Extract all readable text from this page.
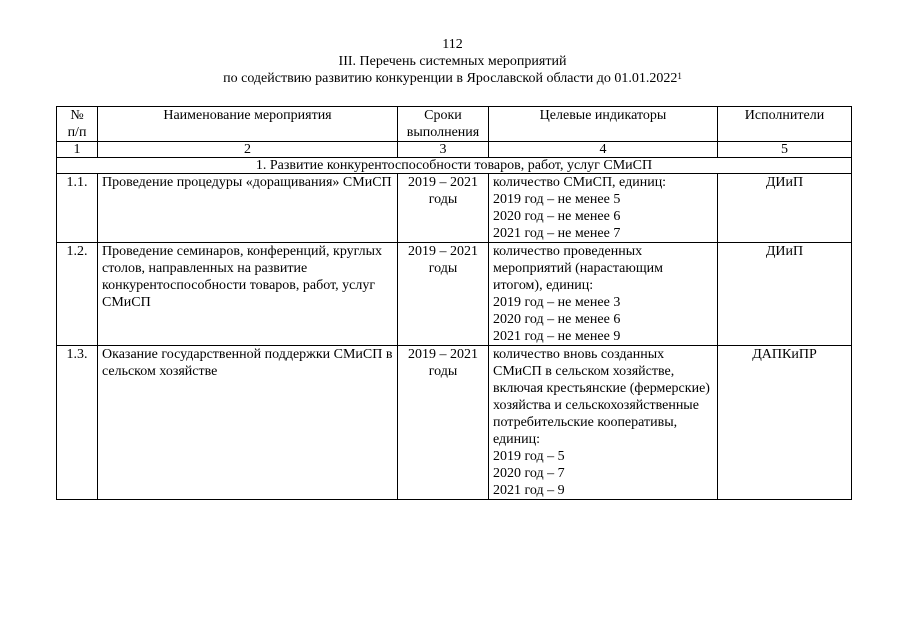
112
III. Перечень системных мероприятий
по содействию развитию конкуренции в Ярославской области до 01.01.2022$^1$
№ п/п	Наименование мероприятия	Сроки выполнения	Целевые индикаторы	Исполнители
1	2	3	4	5
1. Развитие конкурентоспособности товаров, работ, услуг СМиСП				
1.1.	Проведение процедуры «доращивания» СМиСП	2019 – 2021 годы	количество СМиСП, единиц:
2019 год – не менее 5
2020 год – не менее 6
2021 год – не менее 7	ДИиП
1.2.	Проведение семинаров, конференций, круглых столов, направленных на развитие конкурентоспособности товаров, работ, услуг СМиСП	2019 – 2021 годы	количество проведенных мероприятий (нарастающим итогом), единиц:
2019 год – не менее 3
2020 год – не менее 6
2021 год – не менее 9	ДИиП
1.3.	Оказание государственной поддержки СМиСП в сельском хозяйстве	2019 – 2021 годы	количество вновь созданных СМиСП в сельском хозяйстве, включая крестьянские (фермерские) хозяйства и сельскохозяйственные потребительские кооперативы, единиц:
2019 год – 5
2020 год – 7
2021 год – 9	ДАПКиПР
